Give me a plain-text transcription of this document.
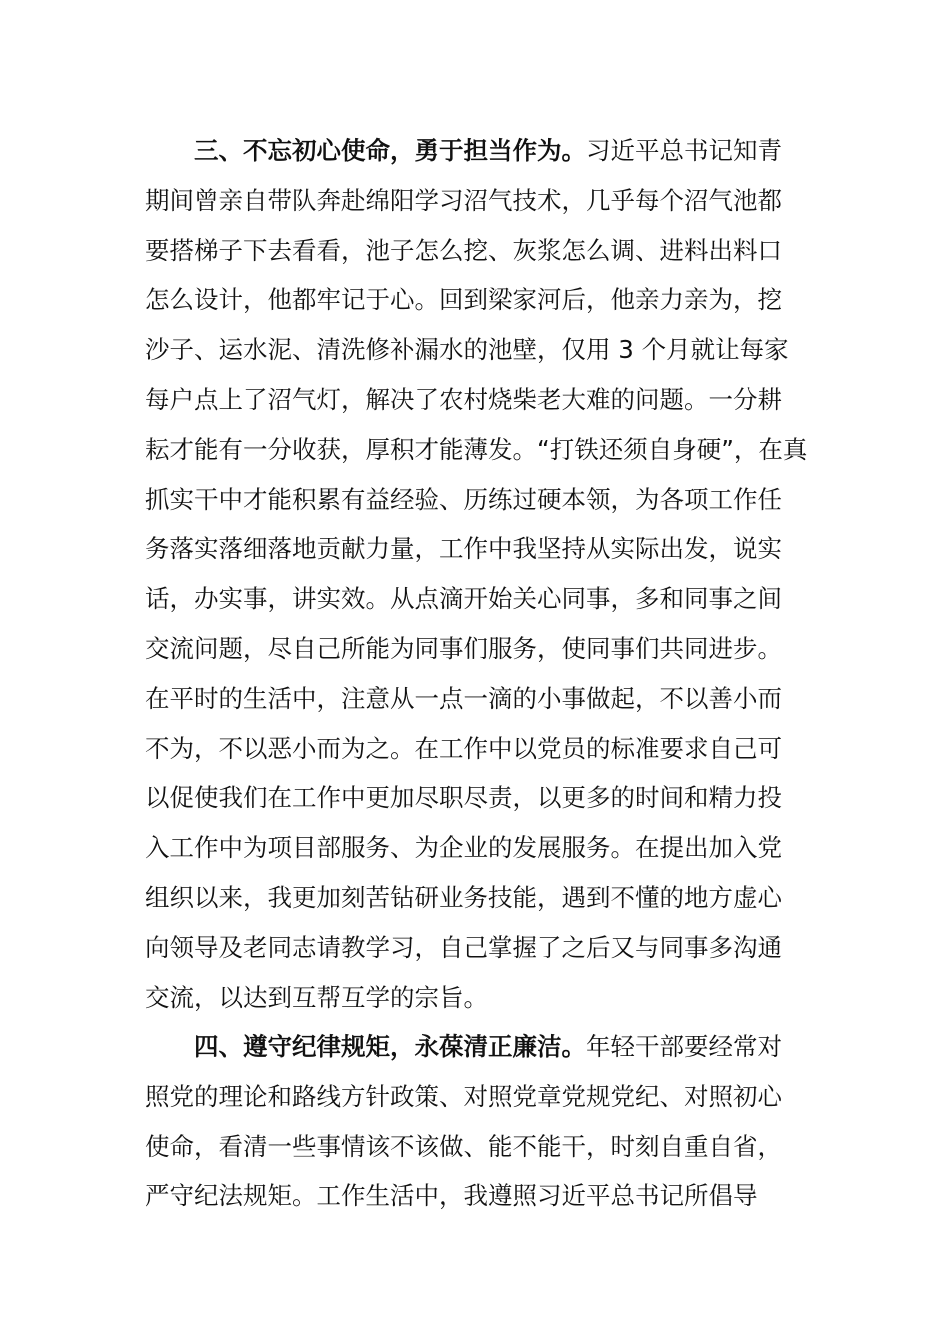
三、不忘初心使命，勇于担当作为。习近平总书记知青
期间曾亲自带队奔赴绵阳学习沼气技术，几乎每个沼气池都
要搭梯子下去看看，池子怎么挖、灰浆怎么调、进料出料口
怎么设计，他都牢记于心。回到梁家河后，他亲力亲为，挖
沙子、运水泥、清洗修补漏水的池壁，仅用 3 个月就让每家
每户点上了沼气灯，解决了农村烧柴老大难的问题。一分耕
耘才能有一分收获，厚积才能薄发。“打铁还须自身硬”，在真
抓实干中才能积累有益经验、历练过硬本领，为各项工作任
务落实落细落地贡献力量，工作中我坚持从实际出发，说实
话，办实事，讲实效。从点滴开始关心同事，多和同事之间
交流问题，尽自己所能为同事们服务，使同事们共同进步。
在平时的生活中，注意从一点一滴的小事做起，不以善小而
不为，不以恶小而为之。在工作中以党员的标准要求自己可
以促使我们在工作中更加尽职尽责，以更多的时间和精力投
入工作中为项目部服务、为企业的发展服务。在提出加入党
组织以来，我更加刻苦钻研业务技能，遇到不懂的地方虚心
向领导及老同志请教学习，自己掌握了之后又与同事多沟通
交流，以达到互帮互学的宗旨。
四、遵守纪律规矩，永葆清正廉洁。年轻干部要经常对
照党的理论和路线方针政策、对照党章党规党纪、对照初心
使命，看清一些事情该不该做、能不能干，时刻自重自省，
严守纪法规矩。工作生活中，我遵照习近平总书记所倡导
